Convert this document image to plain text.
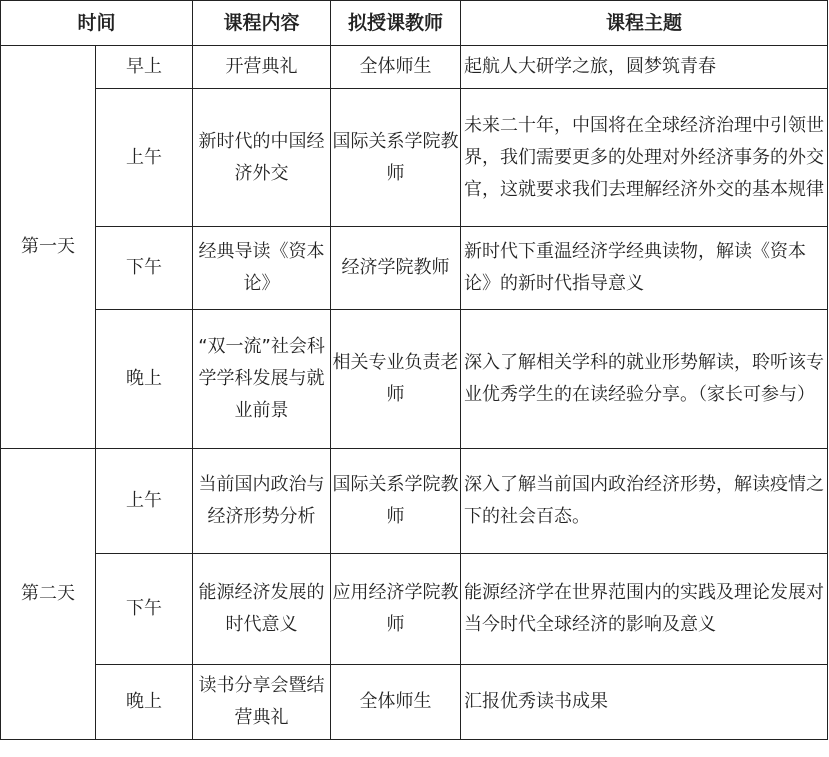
时间		课程内容	拟授课教师	课程主题
第一天	早上	开营典礼	全体师生	起航人大研学之旅，圆梦筑青春
	上午	新时代的中国经济外交	国际关系学院教师	未来二十年，中国将在全球经济治理中引领世界，我们需要更多的处理对外经济事务的外交官，这就要求我们去理解经济外交的基本规律
	下午	经典导读《资本论》	经济学院教师	新时代下重温经济学经典读物，解读《资本论》的新时代指导意义
	晚上	“双一流”社会科学学科发展与就业前景	相关专业负责老师	深入了解相关学科的就业形势解读，聆听该专业优秀学生的在读经验分享。（家长可参与）
第二天	上午	当前国内政治与经济形势分析	国际关系学院教师	深入了解当前国内政治经济形势，解读疫情之下的社会百态。
	下午	能源经济发展的时代意义	应用经济学院教师	能源经济学在世界范围内的实践及理论发展对当今时代全球经济的影响及意义
	晚上	读书分享会暨结营典礼	全体师生	汇报优秀读书成果
